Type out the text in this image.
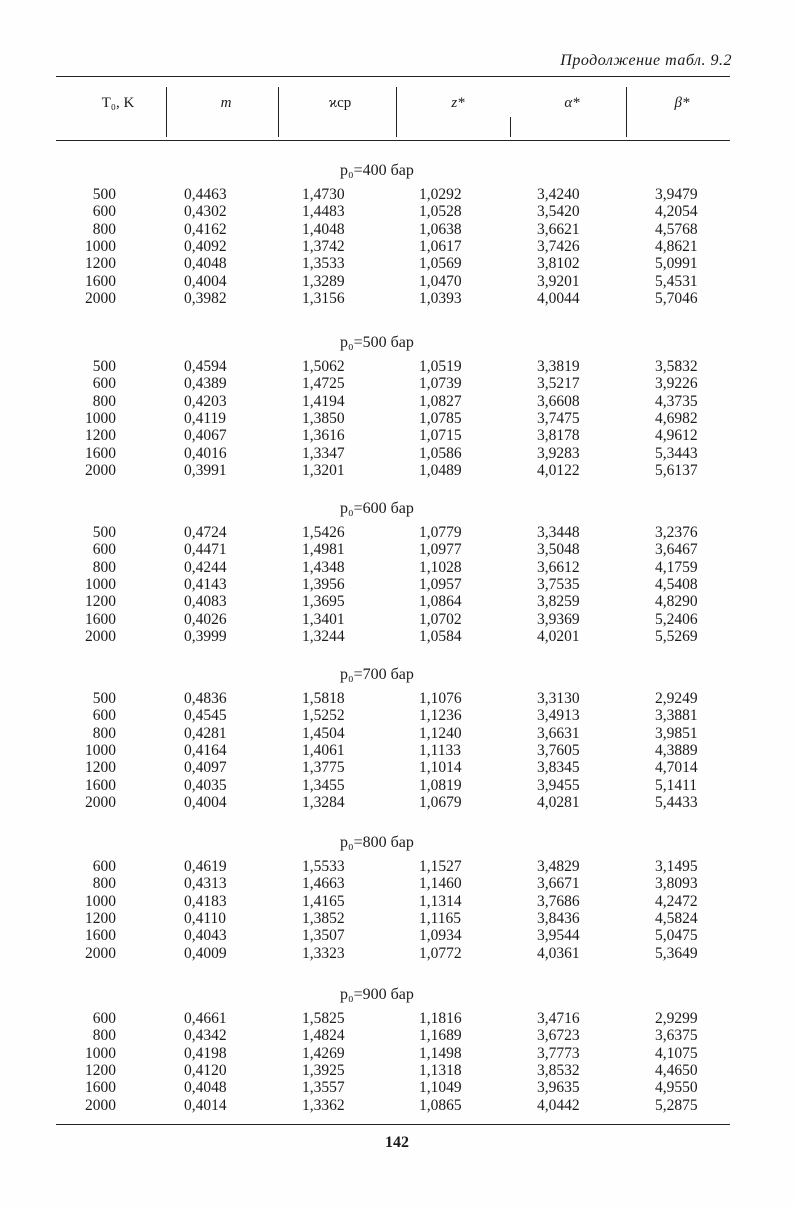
Продолжение табл. 9.2
T₀, K	m	ϰcp	z*	α*	β*
p₀=400 бар
500	0,4463	1,4730	1,0292	3,4240	3,9479
600	0,4302	1,4483	1,0528	3,5420	4,2054
800	0,4162	1,4048	1,0638	3,6621	4,5768
1000	0,4092	1,3742	1,0617	3,7426	4,8621
1200	0,4048	1,3533	1,0569	3,8102	5,0991
1600	0,4004	1,3289	1,0470	3,9201	5,4531
2000	0,3982	1,3156	1,0393	4,0044	5,7046
p₀=500 бар
500	0,4594	1,5062	1,0519	3,3819	3,5832
600	0,4389	1,4725	1,0739	3,5217	3,9226
800	0,4203	1,4194	1,0827	3,6608	4,3735
1000	0,4119	1,3850	1,0785	3,7475	4,6982
1200	0,4067	1,3616	1,0715	3,8178	4,9612
1600	0,4016	1,3347	1,0586	3,9283	5,3443
2000	0,3991	1,3201	1,0489	4,0122	5,6137
p₀=600 бар
500	0,4724	1,5426	1,0779	3,3448	3,2376
600	0,4471	1,4981	1,0977	3,5048	3,6467
800	0,4244	1,4348	1,1028	3,6612	4,1759
1000	0,4143	1,3956	1,0957	3,7535	4,5408
1200	0,4083	1,3695	1,0864	3,8259	4,8290
1600	0,4026	1,3401	1,0702	3,9369	5,2406
2000	0,3999	1,3244	1,0584	4,0201	5,5269
p₀=700 бар
500	0,4836	1,5818	1,1076	3,3130	2,9249
600	0,4545	1,5252	1,1236	3,4913	3,3881
800	0,4281	1,4504	1,1240	3,6631	3,9851
1000	0,4164	1,4061	1,1133	3,7605	4,3889
1200	0,4097	1,3775	1,1014	3,8345	4,7014
1600	0,4035	1,3455	1,0819	3,9455	5,1411
2000	0,4004	1,3284	1,0679	4,0281	5,4433
p₀=800 бар
600	0,4619	1,5533	1,1527	3,4829	3,1495
800	0,4313	1,4663	1,1460	3,6671	3,8093
1000	0,4183	1,4165	1,1314	3,7686	4,2472
1200	0,4110	1,3852	1,1165	3,8436	4,5824
1600	0,4043	1,3507	1,0934	3,9544	5,0475
2000	0,4009	1,3323	1,0772	4,0361	5,3649
p₀=900 бар
600	0,4661	1,5825	1,1816	3,4716	2,9299
800	0,4342	1,4824	1,1689	3,6723	3,6375
1000	0,4198	1,4269	1,1498	3,7773	4,1075
1200	0,4120	1,3925	1,1318	3,8532	4,4650
1600	0,4048	1,3557	1,1049	3,9635	4,9550
2000	0,4014	1,3362	1,0865	4,0442	5,2875
142
